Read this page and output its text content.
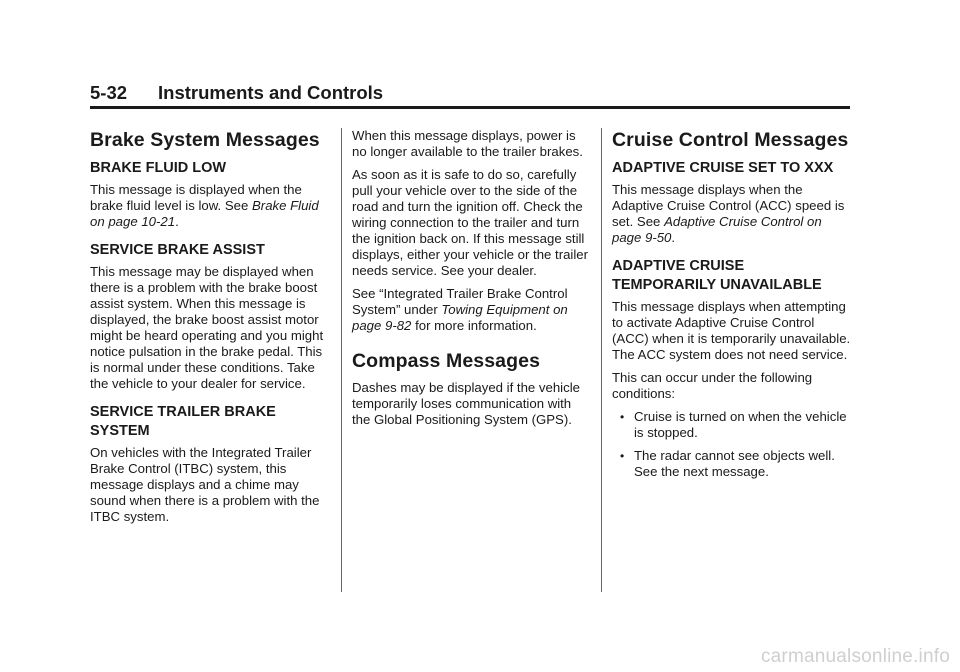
5-32 Instruments and Controls
Brake System Messages
BRAKE FLUID LOW

This message is displayed when the brake fluid level is low. See Brake Fluid on page 10-21.

SERVICE BRAKE ASSIST

This message may be displayed when there is a problem with the brake boost assist system. When this message is displayed, the brake boost assist motor might be heard operating and you might notice pulsation in the brake pedal. This is normal under these conditions. Take the vehicle to your dealer for service.

SERVICE TRAILER BRAKE SYSTEM

On vehicles with the Integrated Trailer Brake Control (ITBC) system, this message displays and a chime may sound when there is a problem with the ITBC system.

When this message displays, power is no longer available to the trailer brakes.

As soon as it is safe to do so, carefully pull your vehicle over to the side of the road and turn the ignition off. Check the wiring connection to the trailer and turn the ignition back on. If this message still displays, either your vehicle or the trailer needs service. See your dealer.

See “Integrated Trailer Brake Control System” under Towing Equipment on page 9-82 for more information.

Compass Messages

Dashes may be displayed if the vehicle temporarily loses communication with the Global Positioning System (GPS).

Cruise Control Messages
ADAPTIVE CRUISE SET TO XXX

This message displays when the Adaptive Cruise Control (ACC) speed is set. See Adaptive Cruise Control on page 9-50.

ADAPTIVE CRUISE TEMPORARILY UNAVAILABLE

This message displays when attempting to activate Adaptive Cruise Control (ACC) when it is temporarily unavailable. The ACC system does not need service.

This can occur under the following conditions:

• Cruise is turned on when the vehicle is stopped.
• The radar cannot see objects well. See the next message.
carmanualsonline.info
